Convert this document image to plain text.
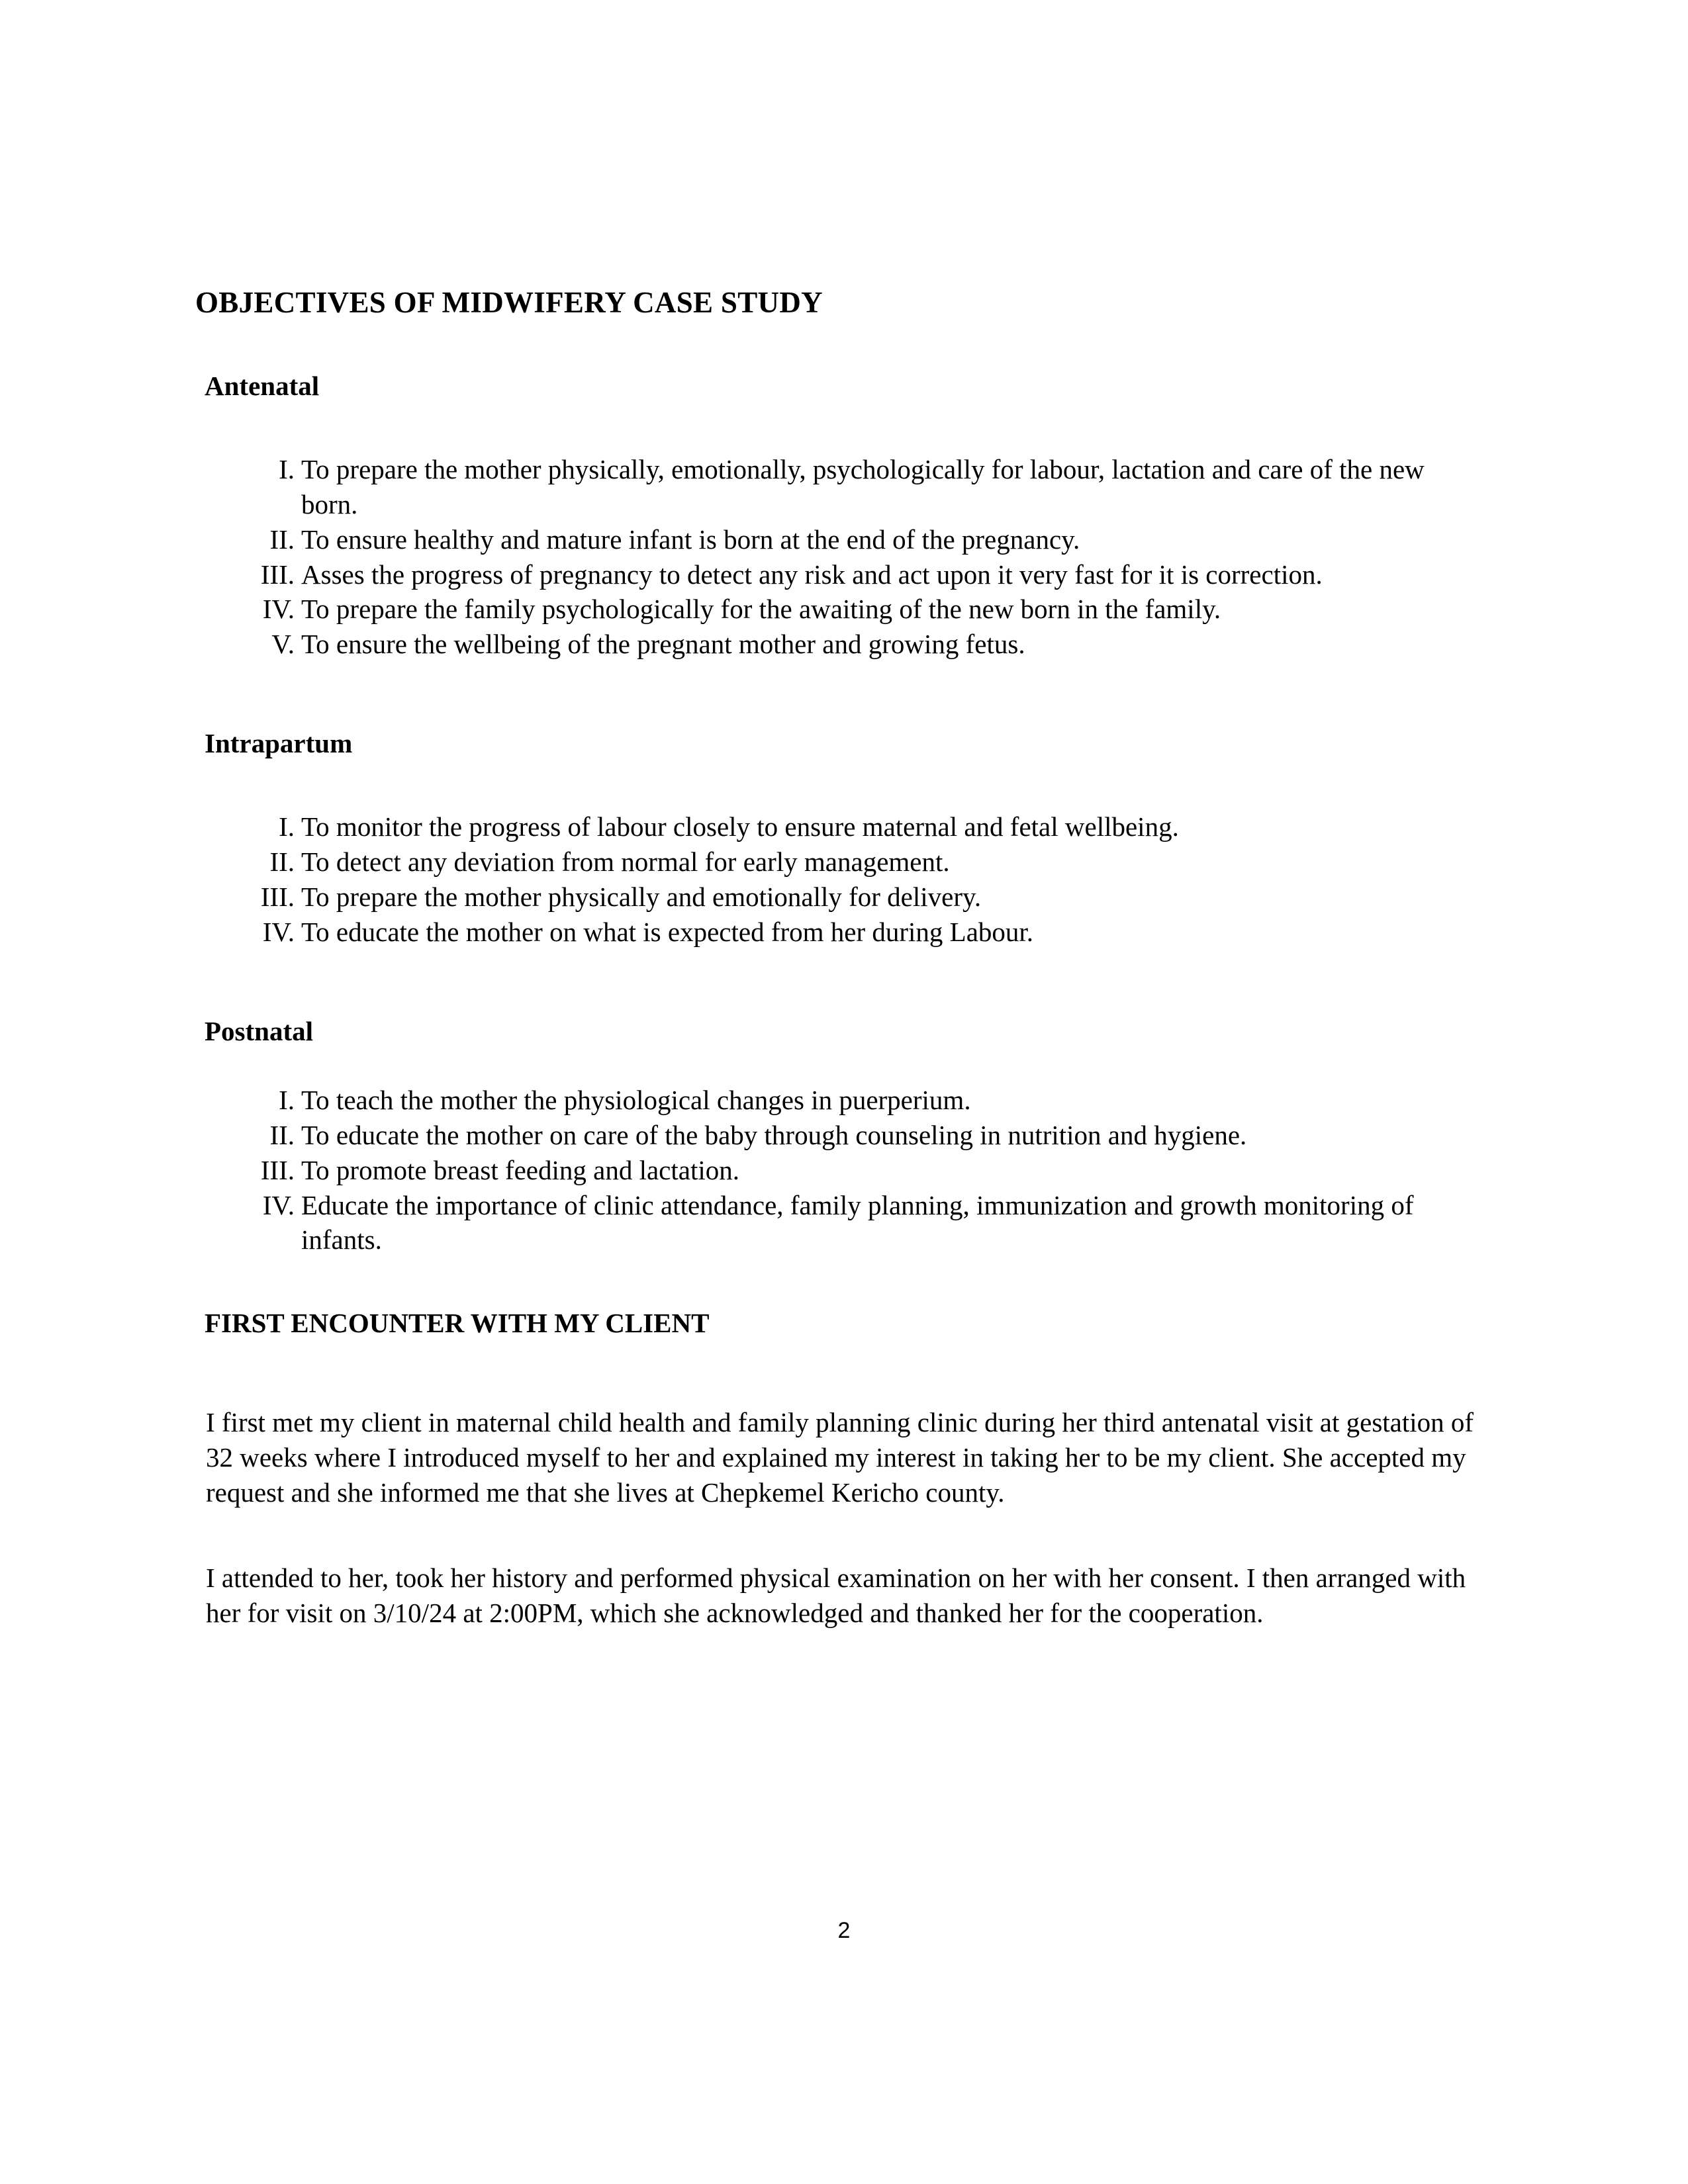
OBJECTIVES OF MIDWIFERY CASE STUDY
Antenatal
I. To prepare the mother physically, emotionally, psychologically for labour, lactation and care of the new born.
II. To ensure healthy and mature infant is born at the end of the pregnancy.
III. Asses the progress of pregnancy to detect any risk and act upon it very fast for it is correction.
IV. To prepare the family psychologically for the awaiting of the new born in the family.
V. To ensure the wellbeing of the pregnant mother and growing fetus.
Intrapartum
I. To monitor the progress of labour closely to ensure maternal and fetal wellbeing.
II. To detect any deviation from normal for early management.
III. To prepare the mother physically and emotionally for delivery.
IV. To educate the mother on what is expected from her during Labour.
Postnatal
I. To teach the mother the physiological changes in puerperium.
II. To educate the mother on care of the baby through counseling in nutrition and hygiene.
III. To promote breast feeding and lactation.
IV. Educate the importance of clinic attendance, family planning, immunization and growth monitoring of infants.
FIRST ENCOUNTER WITH MY CLIENT

I first met my client in maternal child health and family planning clinic during her third antenatal visit at gestation of 32 weeks where I introduced myself to her and explained my interest in taking her to be my client. She accepted my request and she informed me that she lives at Chepkemel Kericho county.

I attended to her, took her history and performed physical examination on her with her consent. I then arranged with her for visit on 3/10/24 at 2:00PM, which she acknowledged and thanked her for the cooperation.

2
